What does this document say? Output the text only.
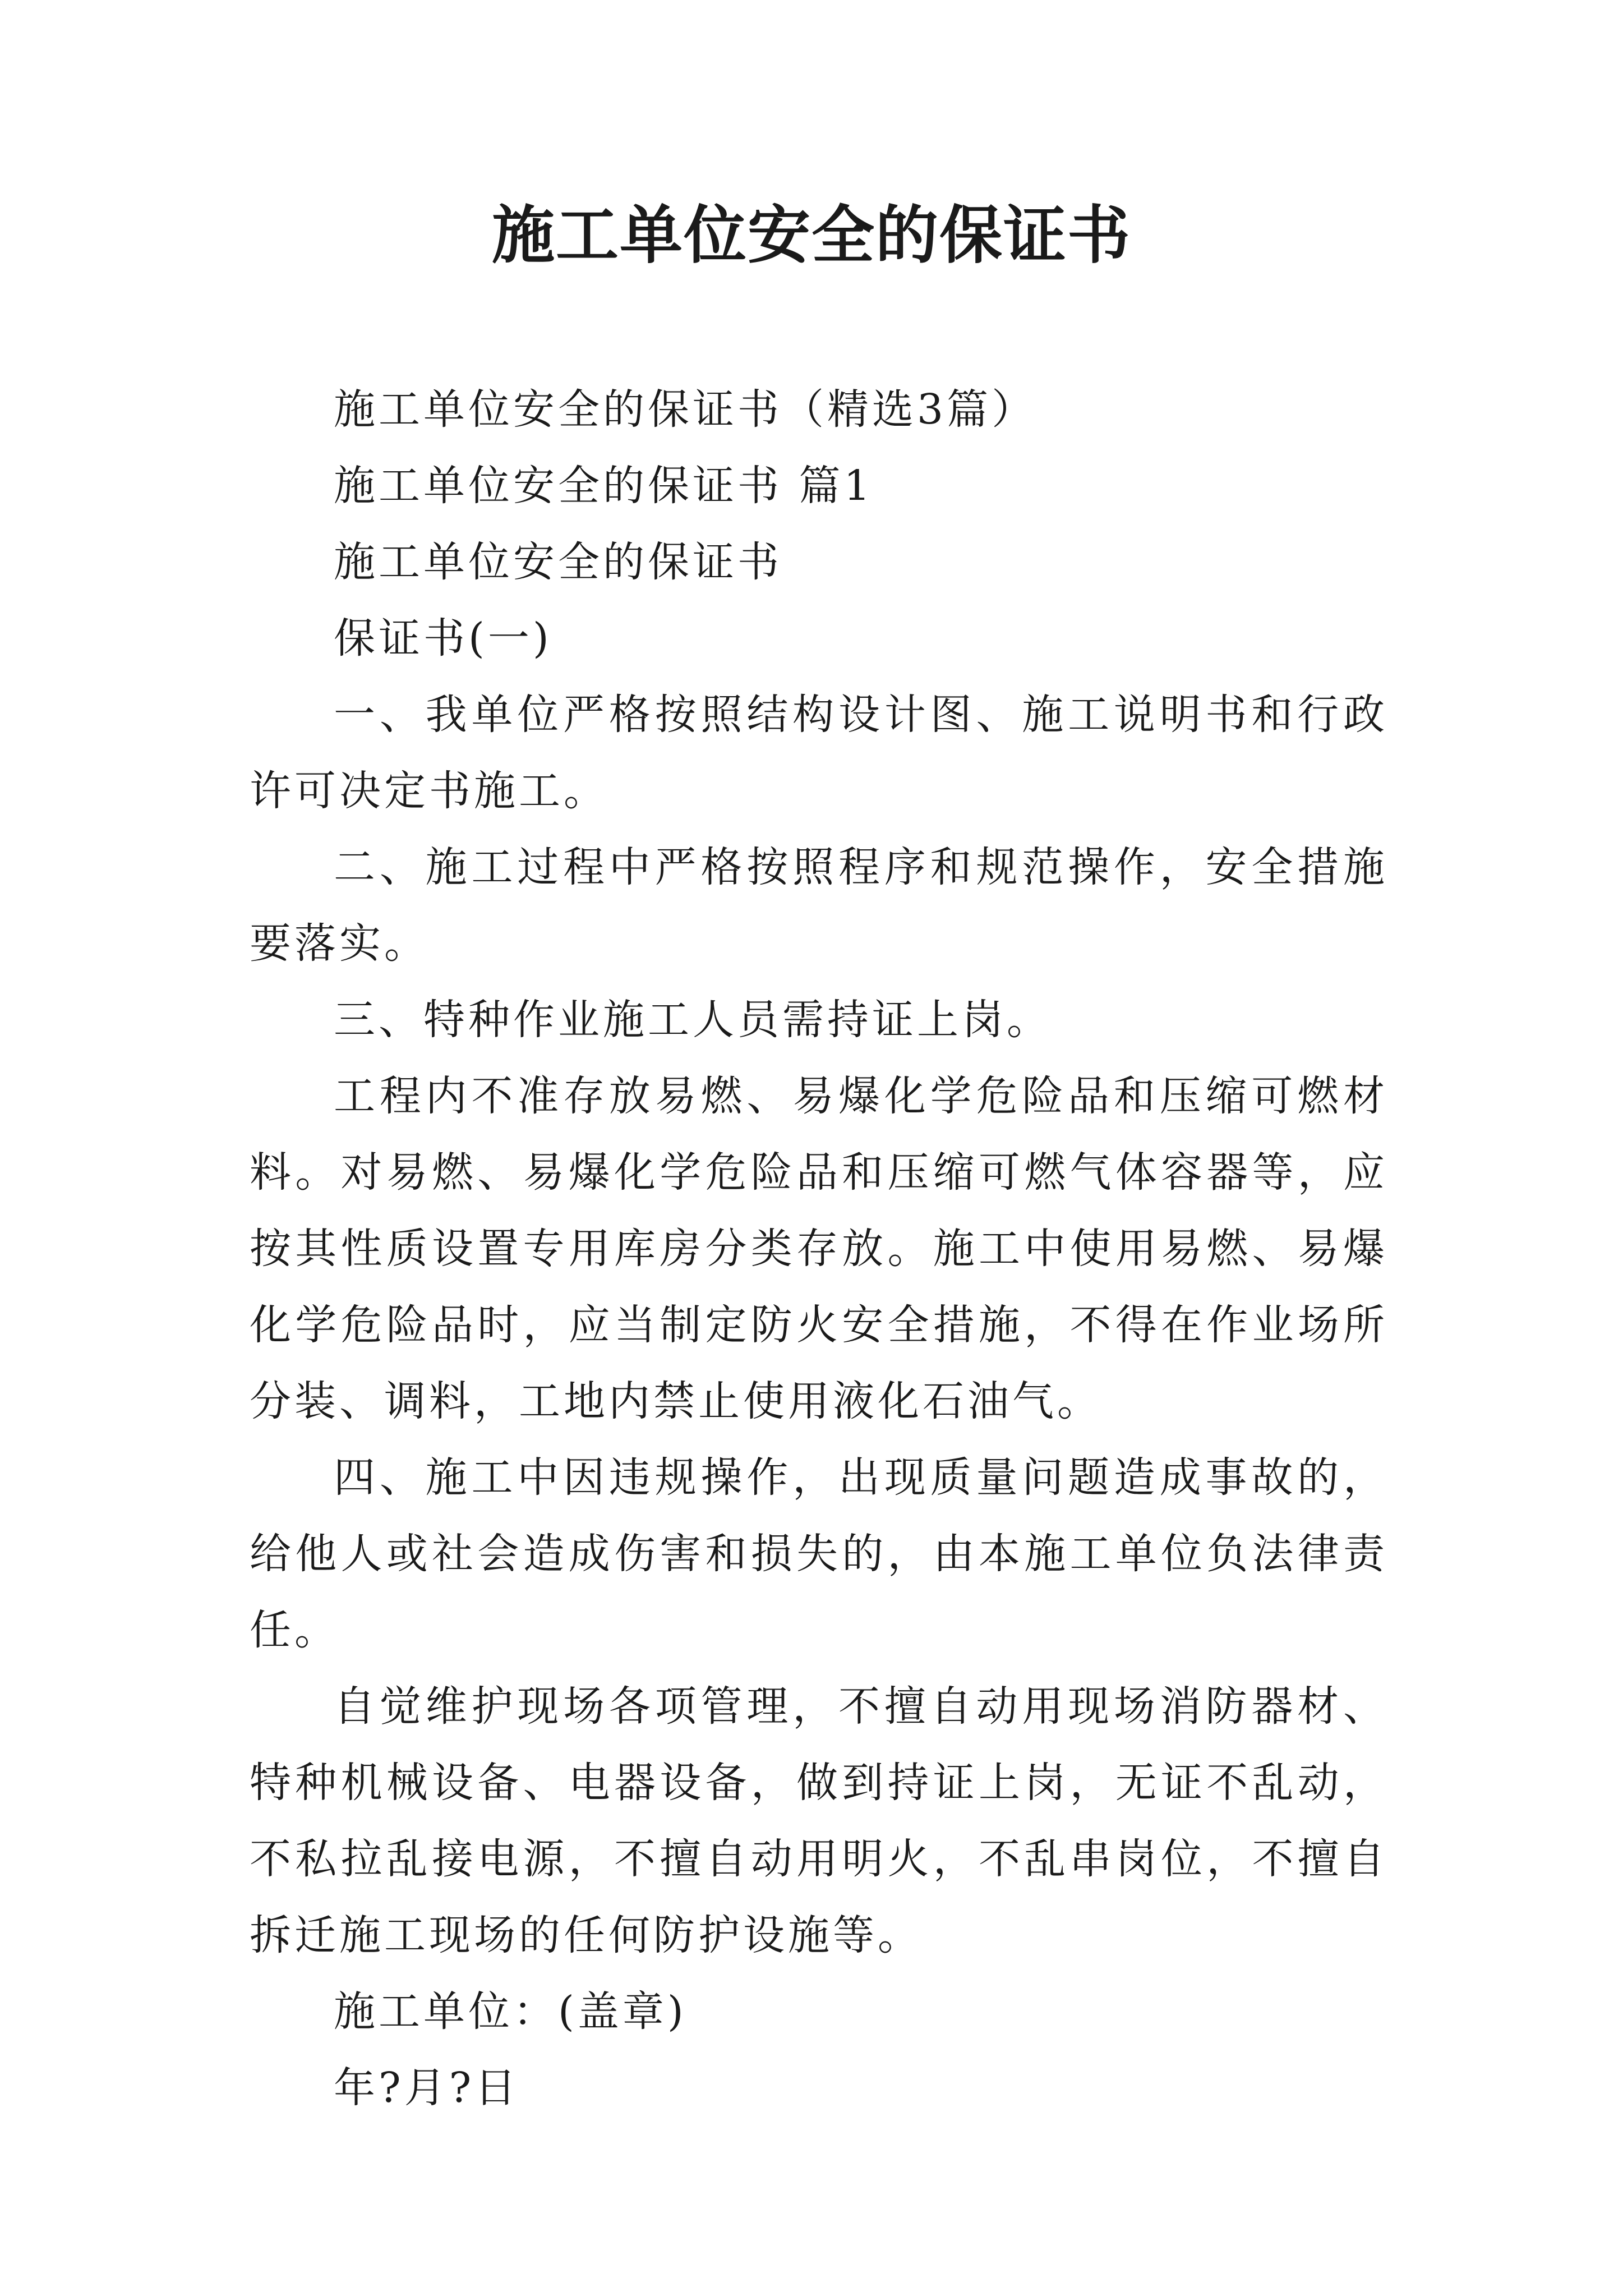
施工单位安全的保证书

施工单位安全的保证书（精选3篇）

施工单位安全的保证书 篇1

施工单位安全的保证书

保证书(一)

一、我单位严格按照结构设计图、施工说明书和行政许可决定书施工。

二、施工过程中严格按照程序和规范操作，安全措施要落实。

三、特种作业施工人员需持证上岗。

工程内不准存放易燃、易爆化学危险品和压缩可燃材料。对易燃、易爆化学危险品和压缩可燃气体容器等，应按其性质设置专用库房分类存放。施工中使用易燃、易爆化学危险品时，应当制定防火安全措施，不得在作业场所分装、调料，工地内禁止使用液化石油气。

四、施工中因违规操作，出现质量问题造成事故的，给他人或社会造成伤害和损失的，由本施工单位负法律责任。

自觉维护现场各项管理，不擅自动用现场消防器材、特种机械设备、电器设备，做到持证上岗，无证不乱动，不私拉乱接电源，不擅自动用明火，不乱串岗位，不擅自拆迁施工现场的任何防护设施等。

施工单位：(盖章)

年?月?日
